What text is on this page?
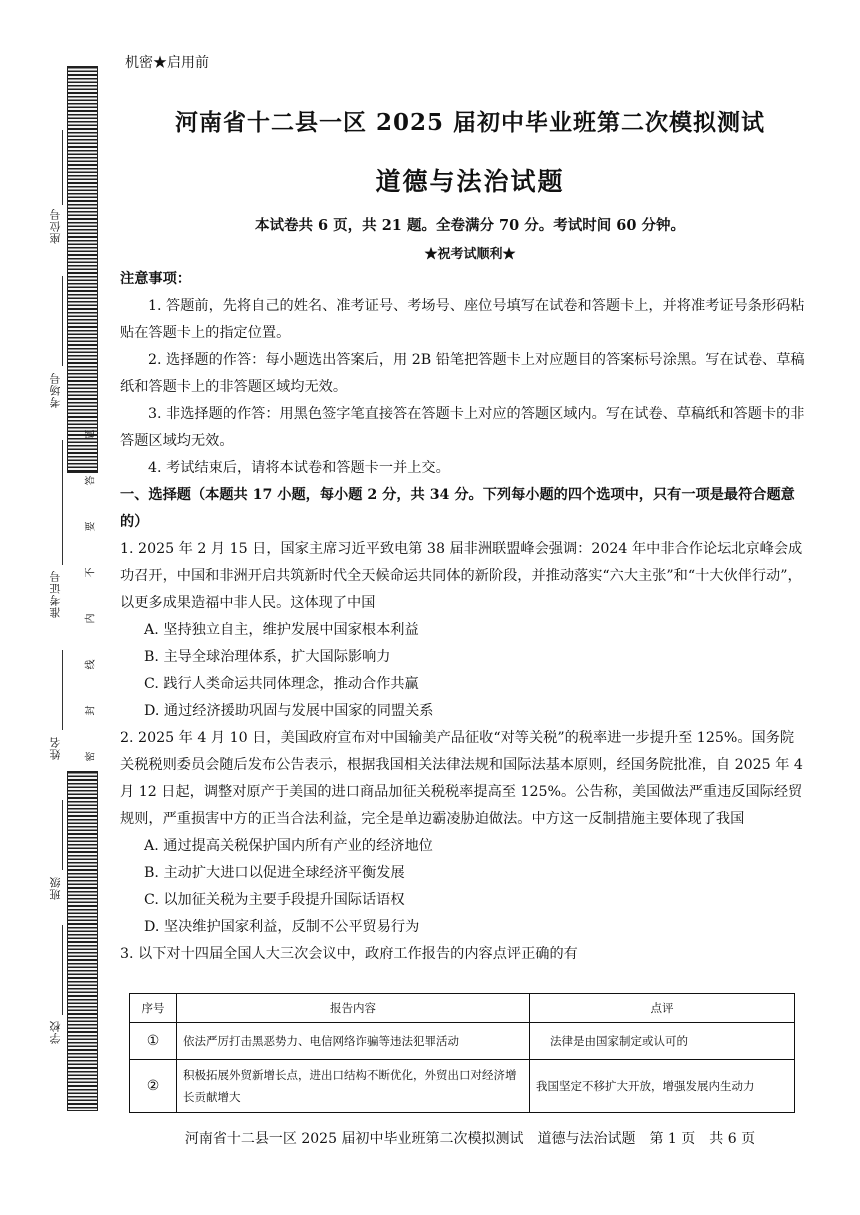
座位号
考场号
准考证号
姓名
班级
学校
题
答
要
不
内
线
封
密
机密★启用前
河南省十二县一区 2025 届初中毕业班第二次模拟测试
道德与法治试题
本试卷共 6 页，共 21 题。全卷满分 70 分。考试时间 60 分钟。
★祝考试顺利★
注意事项：
1. 答题前，先将自己的姓名、准考证号、考场号、座位号填写在试卷和答题卡上，并将准考证号条形码粘贴在答题卡上的指定位置。
2. 选择题的作答：每小题选出答案后，用 2B 铅笔把答题卡上对应题目的答案标号涂黑。写在试卷、草稿纸和答题卡上的非答题区域均无效。
3. 非选择题的作答：用黑色签字笔直接答在答题卡上对应的答题区域内。写在试卷、草稿纸和答题卡的非答题区域均无效。
4. 考试结束后，请将本试卷和答题卡一并上交。
一、选择题（本题共 17 小题，每小题 2 分，共 34 分。下列每小题的四个选项中，只有一项是最符合题意的）
1. 2025 年 2 月 15 日，国家主席习近平致电第 38 届非洲联盟峰会强调：2024 年中非合作论坛北京峰会成功召开，中国和非洲开启共筑新时代全天候命运共同体的新阶段，并推动落实“六大主张”和“十大伙伴行动”，以更多成果造福中非人民。这体现了中国
A. 坚持独立自主，维护发展中国家根本利益
B. 主导全球治理体系，扩大国际影响力
C. 践行人类命运共同体理念，推动合作共赢
D. 通过经济援助巩固与发展中国家的同盟关系
2. 2025 年 4 月 10 日，美国政府宣布对中国输美产品征收“对等关税”的税率进一步提升至 125%。国务院关税税则委员会随后发布公告表示，根据我国相关法律法规和国际法基本原则，经国务院批准，自 2025 年 4 月 12 日起，调整对原产于美国的进口商品加征关税税率提高至 125%。公告称，美国做法严重违反国际经贸规则，严重损害中方的正当合法利益，完全是单边霸凌胁迫做法。中方这一反制措施主要体现了我国
A. 通过提高关税保护国内所有产业的经济地位
B. 主动扩大进口以促进全球经济平衡发展
C. 以加征关税为主要手段提升国际话语权
D. 坚决维护国家利益，反制不公平贸易行为
3. 以下对十四届全国人大三次会议中，政府工作报告的内容点评正确的有
序号	报告内容	点评
①	依法严厉打击黑恶势力、电信网络诈骗等违法犯罪活动	法律是由国家制定或认可的
②	积极拓展外贸新增长点，进出口结构不断优化，外贸出口对经济增长贡献增大	我国坚定不移扩大开放，增强发展内生动力
河南省十二县一区 2025 届初中毕业班第二次模拟测试　道德与法治试题　第 1 页　共 6 页
